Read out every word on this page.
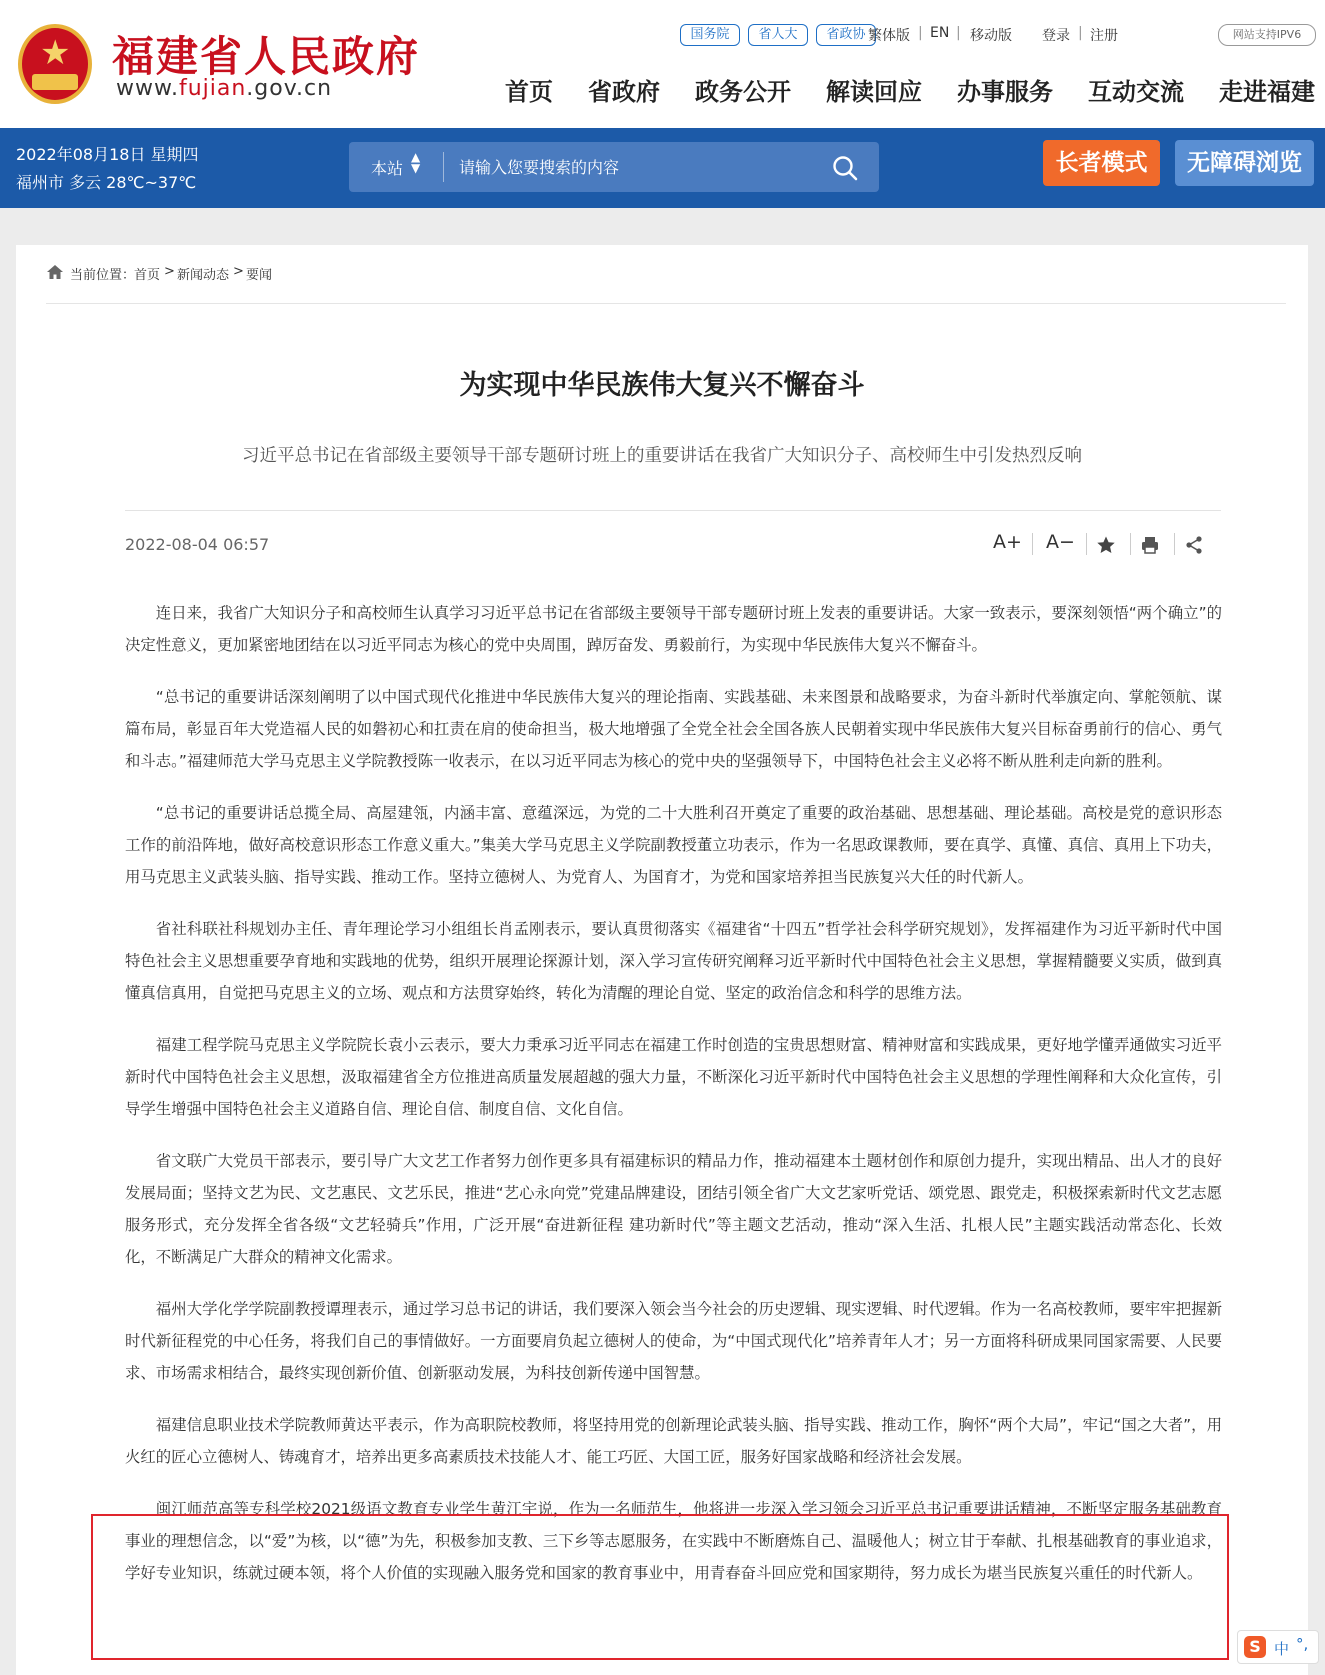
★ 福建省人民政府
www.fujian.gov.cn
国务院	省人大	省政协 繁体版 | EN | 移动版 登录 | 注册	网站支持IPV6
首页 省政府 政务公开 解读回应 办事服务 互动交流 走进福建
2022年08月18日 星期四
福州市 多云 28℃~37℃
本站
▲
▼
请输入您要搜索的内容	长者模式	无障碍浏览
当前位置：
首页 > 新闻动态 > 要闻
为实现中华民族伟大复兴不懈奋斗
习近平总书记在省部级主要领导干部专题研讨班上的重要讲话在我省广大知识分子、高校师生中引发热烈反响
2022-08-04 06:57	A+ A−

连日来，我省广大知识分子和高校师生认真学习习近平总书记在省部级主要领导干部专题研讨班上发表的重要讲话。大家一致表示，要深刻领悟“两个确立”的决定性意义，更加紧密地团结在以习近平同志为核心的党中央周围，踔厉奋发、勇毅前行，为实现中华民族伟大复兴不懈奋斗。

“总书记的重要讲话深刻阐明了以中国式现代化推进中华民族伟大复兴的理论指南、实践基础、未来图景和战略要求，为奋斗新时代举旗定向、掌舵领航、谋篇布局，彰显百年大党造福人民的如磐初心和扛责在肩的使命担当，极大地增强了全党全社会全国各族人民朝着实现中华民族伟大复兴目标奋勇前行的信心、勇气和斗志。”福建师范大学马克思主义学院教授陈一收表示，在以习近平同志为核心的党中央的坚强领导下，中国特色社会主义必将不断从胜利走向新的胜利。

“总书记的重要讲话总揽全局、高屋建瓴，内涵丰富、意蕴深远，为党的二十大胜利召开奠定了重要的政治基础、思想基础、理论基础。高校是党的意识形态工作的前沿阵地，做好高校意识形态工作意义重大。”集美大学马克思主义学院副教授董立功表示，作为一名思政课教师，要在真学、真懂、真信、真用上下功夫，用马克思主义武装头脑、指导实践、推动工作。坚持立德树人、为党育人、为国育才，为党和国家培养担当民族复兴大任的时代新人。

省社科联社科规划办主任、青年理论学习小组组长肖孟刚表示，要认真贯彻落实《福建省“十四五”哲学社会科学研究规划》，发挥福建作为习近平新时代中国特色社会主义思想重要孕育地和实践地的优势，组织开展理论探源计划，深入学习宣传研究阐释习近平新时代中国特色社会主义思想，掌握精髓要义实质，做到真懂真信真用，自觉把马克思主义的立场、观点和方法贯穿始终，转化为清醒的理论自觉、坚定的政治信念和科学的思维方法。

福建工程学院马克思主义学院院长袁小云表示，要大力秉承习近平同志在福建工作时创造的宝贵思想财富、精神财富和实践成果，更好地学懂弄通做实习近平新时代中国特色社会主义思想，汲取福建省全方位推进高质量发展超越的强大力量，不断深化习近平新时代中国特色社会主义思想的学理性阐释和大众化宣传，引导学生增强中国特色社会主义道路自信、理论自信、制度自信、文化自信。

省文联广大党员干部表示，要引导广大文艺工作者努力创作更多具有福建标识的精品力作，推动福建本土题材创作和原创力提升，实现出精品、出人才的良好发展局面；坚持文艺为民、文艺惠民、文艺乐民，推进“艺心永向党”党建品牌建设，团结引领全省广大文艺家听党话、颂党恩、跟党走，积极探索新时代文艺志愿服务形式，充分发挥全省各级“文艺轻骑兵”作用，广泛开展“奋进新征程 建功新时代”等主题文艺活动，推动“深入生活、扎根人民”主题实践活动常态化、长效化，不断满足广大群众的精神文化需求。

福州大学化学学院副教授谭理表示，通过学习总书记的讲话，我们要深入领会当今社会的历史逻辑、现实逻辑、时代逻辑。作为一名高校教师，要牢牢把握新时代新征程党的中心任务，将我们自己的事情做好。一方面要肩负起立德树人的使命，为“中国式现代化”培养青年人才；另一方面将科研成果同国家需要、人民要求、市场需求相结合，最终实现创新价值、创新驱动发展，为科技创新传递中国智慧。

福建信息职业技术学院教师黄达平表示，作为高职院校教师，将坚持用党的创新理论武装头脑、指导实践、推动工作，胸怀“两个大局”，牢记“国之大者”，用火红的匠心立德树人、铸魂育才，培养出更多高素质技术技能人才、能工巧匠、大国工匠，服务好国家战略和经济社会发展。

闽江师范高等专科学校2021级语文教育专业学生黄江宇说，作为一名师范生，他将进一步深入学习领会习近平总书记重要讲话精神，不断坚定服务基础教育事业的理想信念，以“爱”为核，以“德”为先，积极参加支教、三下乡等志愿服务，在实践中不断磨炼自己、温暖他人；树立甘于奉献、扎根基础教育的事业追求，学好专业知识，练就过硬本领，将个人价值的实现融入服务党和国家的教育事业中，用青春奋斗回应党和国家期待，努力成长为堪当民族复兴重任的时代新人。

S 中 °,
